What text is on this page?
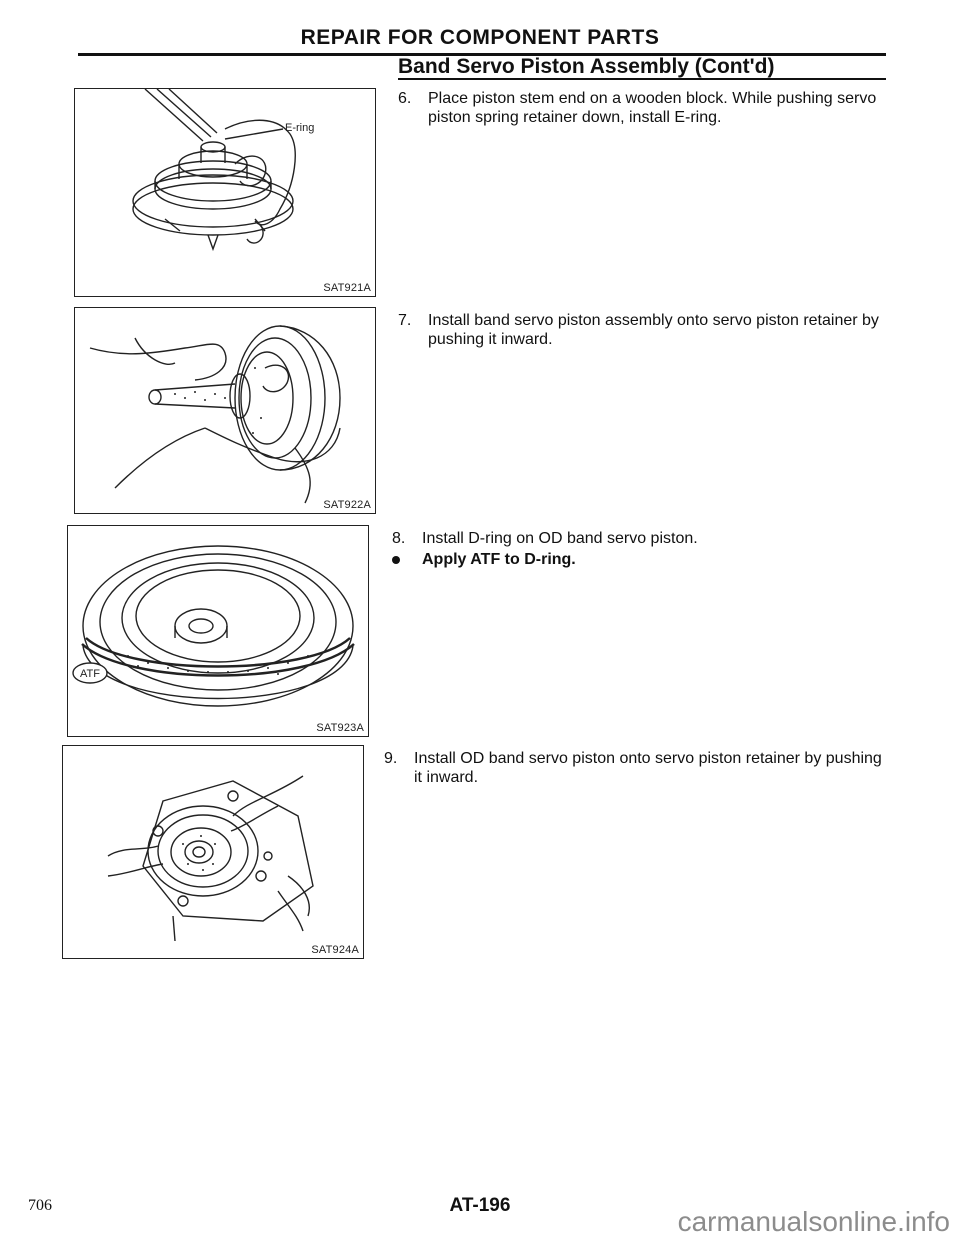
REPAIR FOR COMPONENT PARTS
Band Servo Piston Assembly (Cont'd)
E-ring
SAT921A
SAT922A
ATF
SAT923A
SAT924A
6. Place piston stem end on a wooden block. While pushing servo piston spring retainer down, install E-ring.
7. Install band servo piston assembly onto servo piston retainer by pushing it inward.
8. Install D-ring on OD band servo piston.
Apply ATF to D-ring.
9. Install OD band servo piston onto servo piston retainer by pushing it inward.
706	AT-196
carmanualsonline.info
